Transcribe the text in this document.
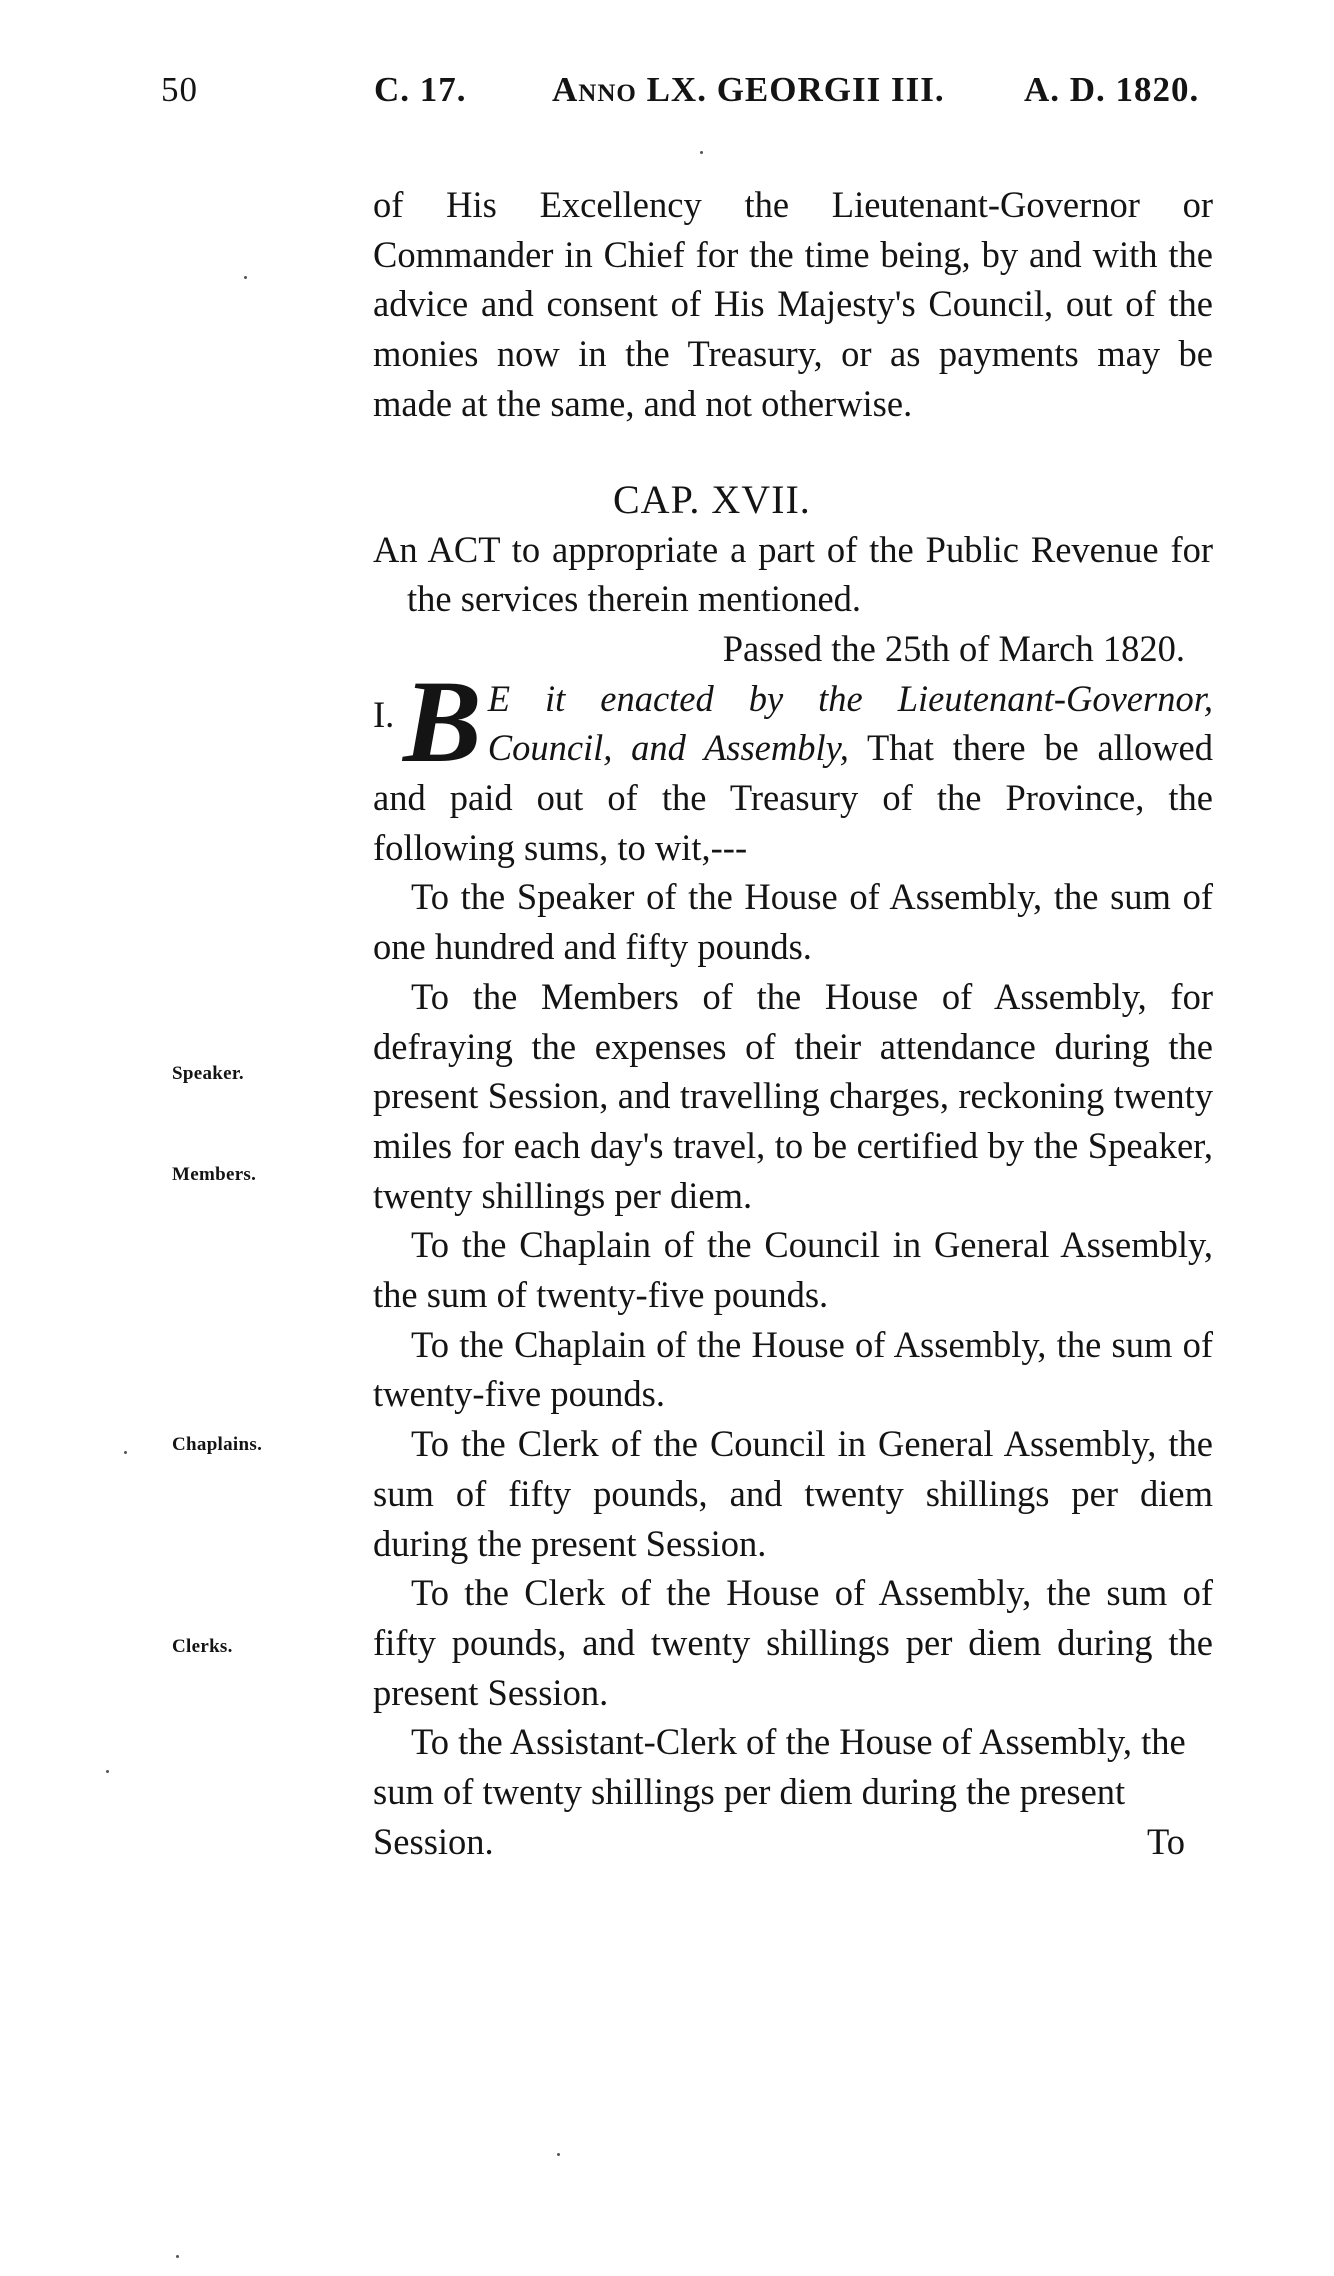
50	C. 17. Anno LX. GEORGII III. A. D. 1820.

of His Excellency the Lieutenant-Governor or Commander in Chief for the time being, by and with the advice and consent of His Majesty's Council, out of the monies now in the Treasury, or as payments may be made at the same, and not otherwise.

CAP. XVII.

An ACT to appropriate a part of the Public Revenue for the services therein mentioned.

Passed the 25th of March 1820.

I. B E it enacted by the Lieutenant-Governor, Council, and Assembly, That there be allowed and paid out of the Treasury of the Province, the following sums, to wit,---

To the Speaker of the House of Assembly, the sum of one hundred and fifty pounds.

To the Members of the House of Assembly, for defraying the expenses of their attendance during the present Session, and travelling charges, reckoning twenty miles for each day's travel, to be certified by the Speaker, twenty shillings per diem.

To the Chaplain of the Council in General Assembly, the sum of twenty-five pounds.

To the Chaplain of the House of Assembly, the sum of twenty-five pounds.

To the Clerk of the Council in General Assembly, the sum of fifty pounds, and twenty shillings per diem during the present Session.

To the Clerk of the House of Assembly, the sum of fifty pounds, and twenty shillings per diem during the present Session.

To the Assistant-Clerk of the House of Assembly, the sum of twenty shillings per diem during the present Session.	To

Speaker.
Members.
Chaplains.
Clerks.
